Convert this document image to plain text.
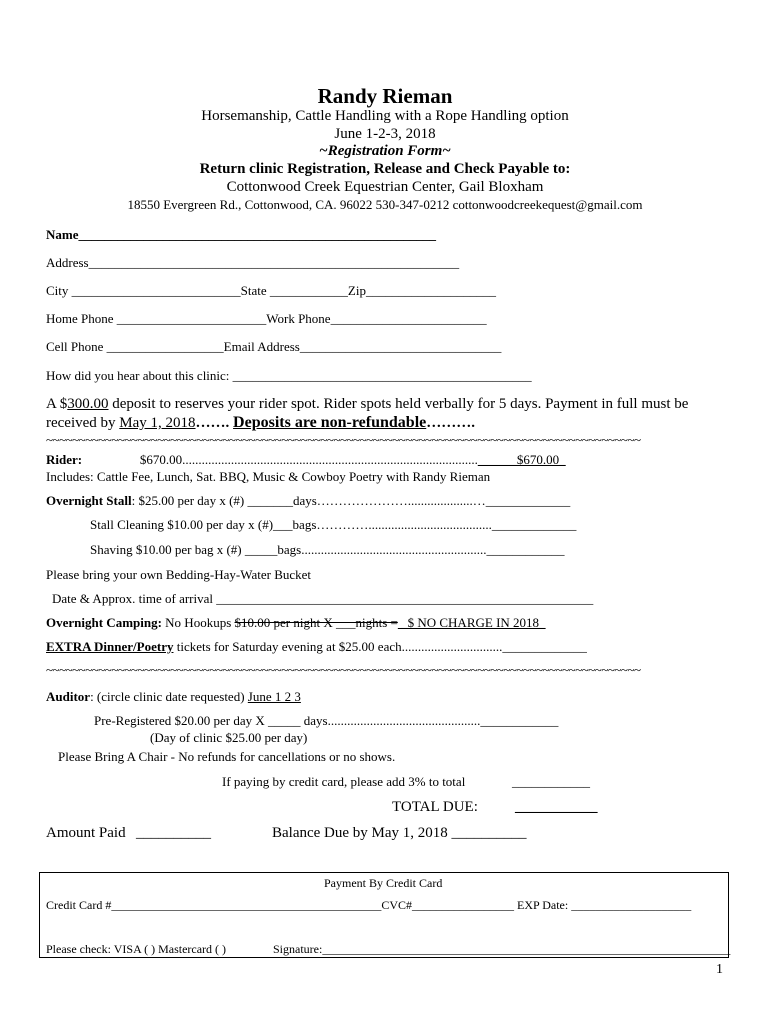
Randy Rieman
Horsemanship, Cattle Handling with a Rope Handling option
June 1-2-3, 2018
~Registration Form~
Return clinic Registration, Release and Check Payable to:
Cottonwood Creek Equestrian Center, Gail Bloxham
18550 Evergreen Rd., Cottonwood, CA. 96022 530-347-0212 cottonwoodcreekequest@gmail.com
Name_______________________________________________________
Address_________________________________________________________
City __________________________State ____________Zip____________________
Home Phone _______________________Work Phone________________________
Cell Phone __________________Email Address_______________________________
How did you hear about this clinic: ______________________________________________
A $300.00 deposit to reserves your rider spot. Rider spots held verbally for 5 days. Payment in full must be
received by May 1, 2018……. Deposits are non-refundable……….
~~~~~~~~~~~~~~~~~~~~~~~~~~~~~~~~~~~~~~~~~~~~~~~~~~~~~~~~~~~~~~~~~~~~~~~~~~~~~~~~~~~~~~~~~~~
Rider:	$670.00...........................................................................................______$670.00_
Includes: Cattle Fee, Lunch, Sat. BBQ, Music & Cowboy Poetry with Randy Rieman
Overnight Stall: $25.00 per day x (#) _______days…………………....................…_____________
Stall Cleaning $10.00 per day x (#)___bags…………......................................_____________
Shaving $10.00 per bag x (#) _____bags.........................................................____________
Please bring your own Bedding-Hay-Water Bucket
Date & Approx. time of arrival __________________________________________________________
Overnight Camping: No Hookups $10.00 per night X ___nights = _$ NO CHARGE IN 2018_
EXTRA Dinner/Poetry tickets for Saturday evening at $25.00 each..............................._____________
~~~~~~~~~~~~~~~~~~~~~~~~~~~~~~~~~~~~~~~~~~~~~~~~~~~~~~~~~~~~~~~~~~~~~~~~~~~~~~~~~~~~~~~~~~~
Auditor: (circle clinic date requested) June 1 2 3
Pre-Registered $20.00 per day X _____ days...............................................____________
(Day of clinic $25.00 per day)
Please Bring A Chair - No refunds for cancellations or no shows.
If paying by credit card, please add 3% to total	____________
TOTAL DUE: ___________
Amount Paid __________	Balance Due by May 1, 2018 __________
Payment By Credit Card
Credit Card #_____________________________________________CVC#_________________ EXP Date: ____________________
Please check: VISA ( ) Mastercard ( )	Signature:____________________________________________________________________
1
